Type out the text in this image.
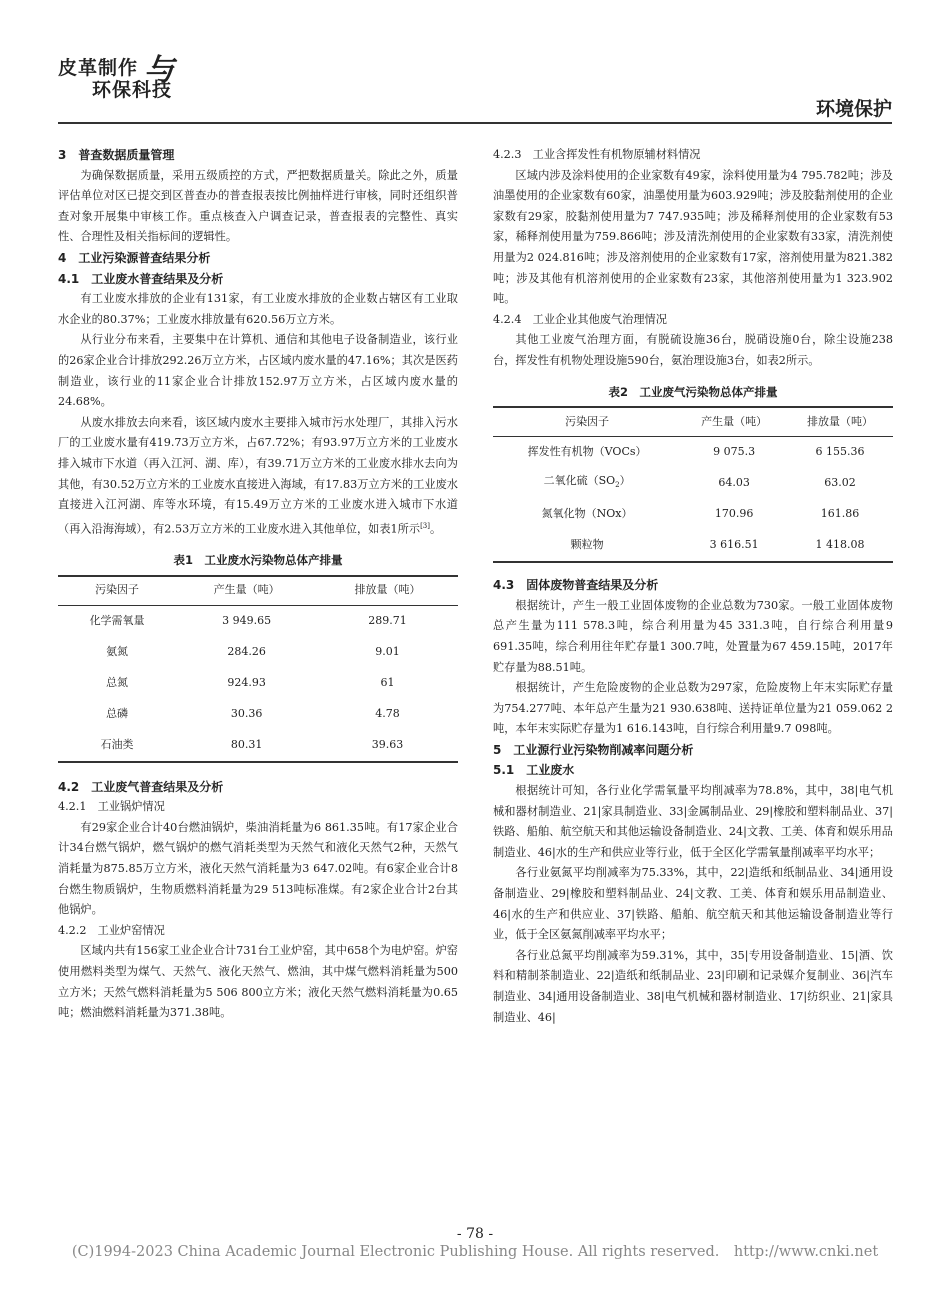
皮革制作 与
环保科技
环境保护
3　普查数据质量管理

为确保数据质量，采用五级质控的方式，严把数据质量关。除此之外，质量评估单位对区已提交到区普查办的普查报表按比例抽样进行审核，同时还组织普查对象开展集中审核工作。重点核查入户调查记录，普查报表的完整性、真实性、合理性及相关指标间的逻辑性。

4　工业污染源普查结果分析
4.1　工业废水普查结果及分析

有工业废水排放的企业有131家，有工业废水排放的企业数占辖区有工业取水企业的80.37%；工业废水排放量有620.56万立方米。

从行业分布来看，主要集中在计算机、通信和其他电子设备制造业，该行业的26家企业合计排放292.26万立方米，占区域内废水量的47.16%；其次是医药制造业，该行业的11家企业合计排放152.97万立方米，占区域内废水量的24.68%。

从废水排放去向来看，该区域内废水主要排入城市污水处理厂，其排入污水厂的工业废水量有419.73万立方米，占67.72%；有93.97万立方米的工业废水排入城市下水道（再入江河、湖、库），有39.71万立方米的工业废水排水去向为其他，有30.52万立方米的工业废水直接进入海域，有17.83万立方米的工业废水直接进入江河湖、库等水环境，有15.49万立方米的工业废水进入城市下水道（再入沿海海域），有2.53万立方米的工业废水进入其他单位，如表1所示[3]。

表1　工业废水污染物总体产排量
污染因子	产生量（吨）	排放量（吨）
化学需氧量	3 949.65	289.71
氨氮	284.26	9.01
总氮	924.93	61
总磷	30.36	4.78
石油类	80.31	39.63
4.2　工业废气普查结果及分析
4.2.1　工业锅炉情况

有29家企业合计40台燃油锅炉，柴油消耗量为6 861.35吨。有17家企业合计34台燃气锅炉，燃气锅炉的燃气消耗类型为天然气和液化天然气2种，天然气消耗量为875.85万立方米，液化天然气消耗量为3 647.02吨。有6家企业合计8台燃生物质锅炉，生物质燃料消耗量为29 513吨标准煤。有2家企业合计2台其他锅炉。

4.2.2　工业炉窑情况

区域内共有156家工业企业合计731台工业炉窑，其中658个为电炉窑。炉窑使用燃料类型为煤气、天然气、液化天然气、燃油，其中煤气燃料消耗量为500立方米；天然气燃料消耗量为5 506 800立方米；液化天然气燃料消耗量为0.65吨；燃油燃料消耗量为371.38吨。

4.2.3　工业含挥发性有机物原辅材料情况

区域内涉及涂料使用的企业家数有49家，涂料使用量为4 795.782吨；涉及油墨使用的企业家数有60家，油墨使用量为603.929吨；涉及胶黏剂使用的企业家数有29家，胶黏剂使用量为7 747.935吨；涉及稀释剂使用的企业家数有53家，稀释剂使用量为759.866吨；涉及清洗剂使用的企业家数有33家，清洗剂使用量为2 024.816吨；涉及溶剂使用的企业家数有17家，溶剂使用量为821.382吨；涉及其他有机溶剂使用的企业家数有23家，其他溶剂使用量为1 323.902吨。

4.2.4　工业企业其他废气治理情况

其他工业废气治理方面，有脱硫设施36台，脱硝设施0台，除尘设施238台，挥发性有机物处理设施590台，氨治理设施3台，如表2所示。

表2　工业废气污染物总体产排量
污染因子	产生量（吨）	排放量（吨）
挥发性有机物（VOCs）	9 075.3	6 155.36
二氧化硫$(SO_2)$	64.03	63.02
氮氧化物（NOx）	170.96	161.86
颗粒物	3 616.51	1 418.08
4.3　固体废物普查结果及分析

根据统计，产生一般工业固体废物的企业总数为730家。一般工业固体废物总产生量为111 578.3吨，综合利用量为45 331.3吨，自行综合利用量9 691.35吨，综合利用往年贮存量1 300.7吨，处置量为67 459.15吨，2017年贮存量为88.51吨。

根据统计，产生危险废物的企业总数为297家，危险废物上年末实际贮存量为754.277吨、本年总产生量为21 930.638吨、送持证单位量为21 059.062 2吨，本年末实际贮存量为1 616.143吨，自行综合利用量9.7 098吨。

5　工业源行业污染物削减率问题分析
5.1　工业废水

根据统计可知，各行业化学需氧量平均削减率为78.8%，其中，38|电气机械和器材制造业、21|家具制造业、33|金属制品业、29|橡胶和塑料制品业、37|铁路、船舶、航空航天和其他运输设备制造业、24|文教、工美、体育和娱乐用品制造业、46|水的生产和供应业等行业，低于全区化学需氧量削减率平均水平；

各行业氨氮平均削减率为75.33%，其中，22|造纸和纸制品业、34|通用设备制造业、29|橡胶和塑料制品业、24|文教、工美、体育和娱乐用品制造业、46|水的生产和供应业、37|铁路、船舶、航空航天和其他运输设备制造业等行业，低于全区氨氮削减率平均水平；

各行业总氮平均削减率为59.31%，其中，35|专用设备制造业、15|酒、饮料和精制茶制造业、22|造纸和纸制品业、23|印刷和记录媒介复制业、36|汽车制造业、34|通用设备制造业、38|电气机械和器材制造业、17|纺织业、21|家具制造业、46|

- 78 -
(C)1994-2023 China Academic Journal Electronic Publishing House. All rights reserved.　http://www.cnki.net
